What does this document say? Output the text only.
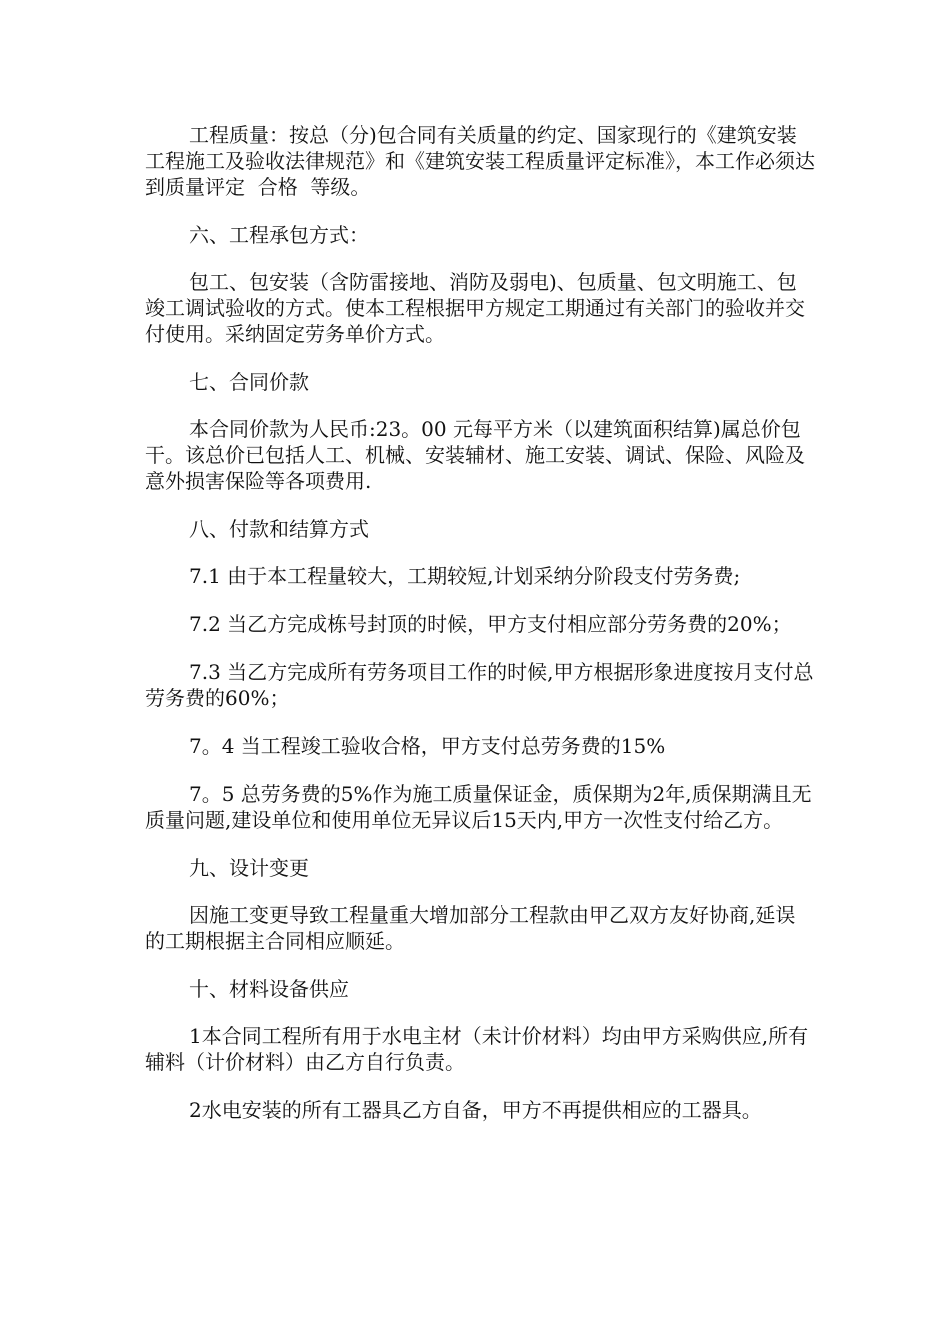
工程质量：按总（分)包合同有关质量的约定、国家现行的《建筑安装工程施工及验收法律规范》和《建筑安装工程质量评定标准》，本工作必须达到质量评定  合格  等级。

六、工程承包方式：

包工、包安装（含防雷接地、消防及弱电)、包质量、包文明施工、包竣工调试验收的方式。使本工程根据甲方规定工期通过有关部门的验收并交付使用。采纳固定劳务单价方式。

七、合同价款

本合同价款为人民币:23。00 元每平方米（以建筑面积结算)属总价包干。该总价已包括人工、机械、安装辅材、施工安装、调试、保险、风险及意外损害保险等各项费用.

八、付款和结算方式

7.1 由于本工程量较大，工期较短,计划采纳分阶段支付劳务费;

7.2 当乙方完成栋号封顶的时候，甲方支付相应部分劳务费的20%；

7.3 当乙方完成所有劳务项目工作的时候,甲方根据形象进度按月支付总劳务费的60%；

7。4 当工程竣工验收合格，甲方支付总劳务费的15%

7。5 总劳务费的5%作为施工质量保证金，质保期为2年,质保期满且无质量问题,建设单位和使用单位无异议后15天内,甲方一次性支付给乙方。

九、设计变更

因施工变更导致工程量重大增加部分工程款由甲乙双方友好协商,延误的工期根据主合同相应顺延。

十、材料设备供应

1本合同工程所有用于水电主材（未计价材料）均由甲方采购供应,所有辅料（计价材料）由乙方自行负责。

2水电安装的所有工器具乙方自备，甲方不再提供相应的工器具。
